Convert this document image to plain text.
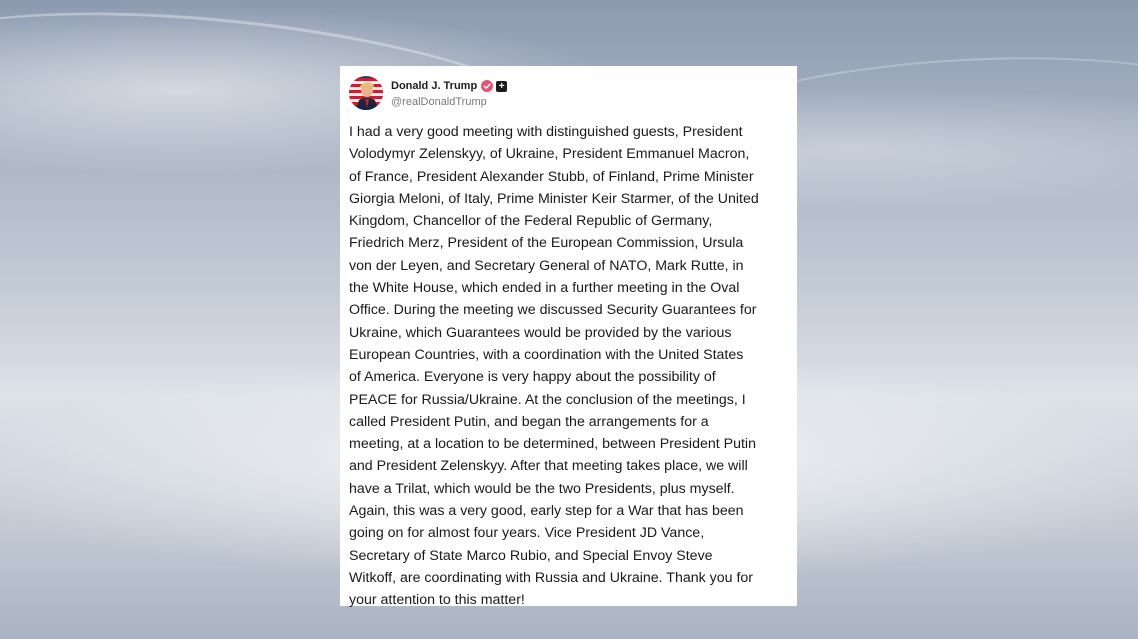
Donald J. Trump +
@realDonaldTrump
I had a very good meeting with distinguished guests, President
Volodymyr Zelenskyy, of Ukraine, President Emmanuel Macron,
of France, President Alexander Stubb, of Finland, Prime Minister
Giorgia Meloni, of Italy, Prime Minister Keir Starmer, of the United
Kingdom, Chancellor of the Federal Republic of Germany,
Friedrich Merz, President of the European Commission, Ursula
von der Leyen, and Secretary General of NATO, Mark Rutte, in
the White House, which ended in a further meeting in the Oval
Office. During the meeting we discussed Security Guarantees for
Ukraine, which Guarantees would be provided by the various
European Countries, with a coordination with the United States
of America. Everyone is very happy about the possibility of
PEACE for Russia/Ukraine. At the conclusion of the meetings, I
called President Putin, and began the arrangements for a
meeting, at a location to be determined, between President Putin
and President Zelenskyy. After that meeting takes place, we will
have a Trilat, which would be the two Presidents, plus myself.
Again, this was a very good, early step for a War that has been
going on for almost four years. Vice President JD Vance,
Secretary of State Marco Rubio, and Special Envoy Steve
Witkoff, are coordinating with Russia and Ukraine. Thank you for
your attention to this matter!
